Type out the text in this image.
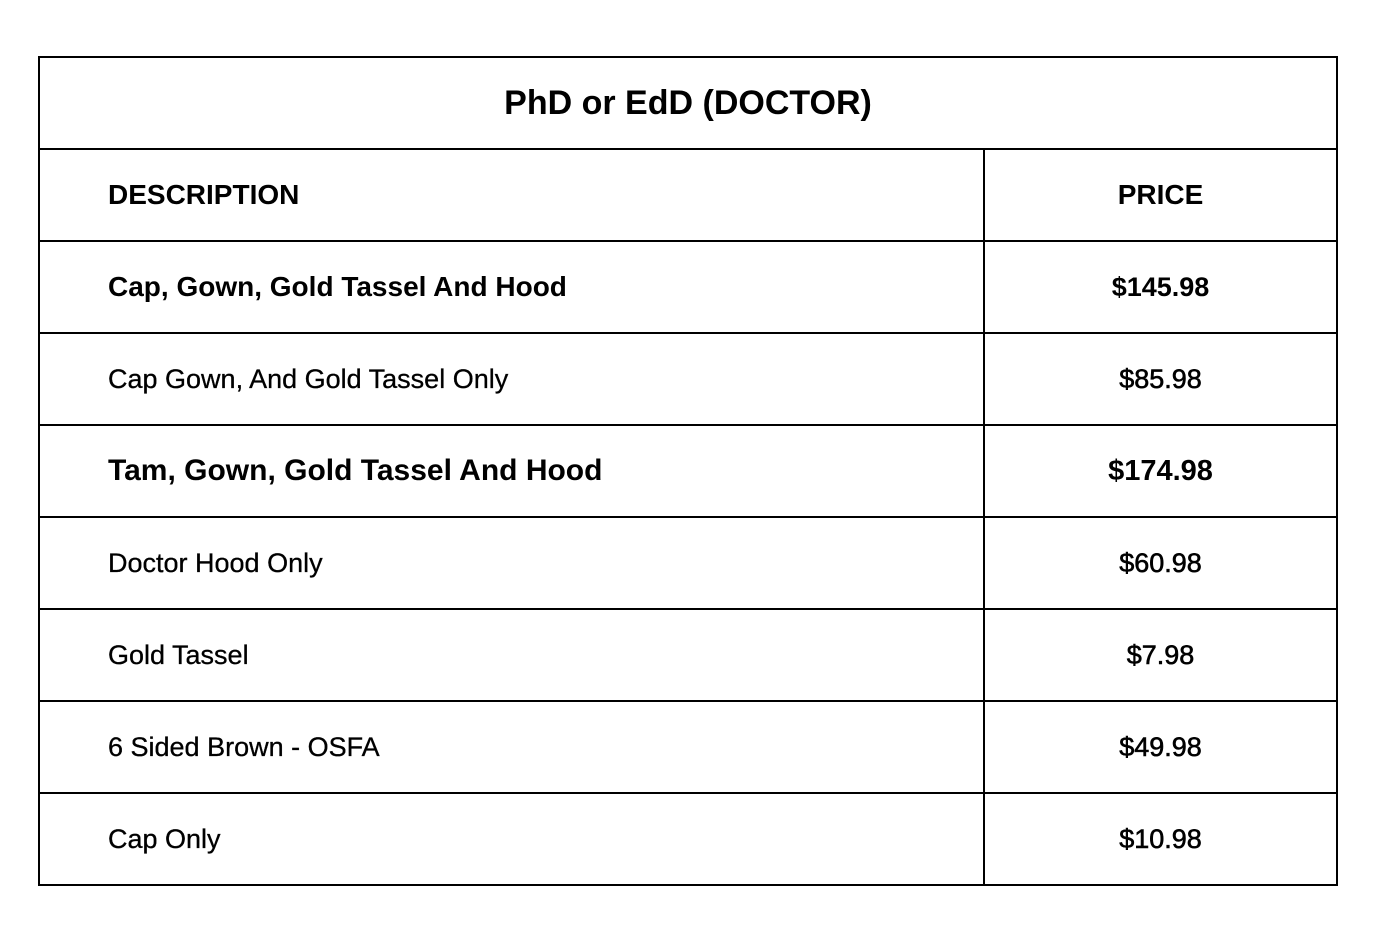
PhD or EdD (DOCTOR)	
DESCRIPTION	PRICE
Cap, Gown, Gold Tassel And Hood	$145.98
Cap Gown, And Gold Tassel Only	$85.98
Tam, Gown, Gold Tassel And Hood	$174.98
Doctor Hood Only	$60.98
Gold Tassel	$7.98
6 Sided Brown - OSFA	$49.98
Cap Only	$10.98
